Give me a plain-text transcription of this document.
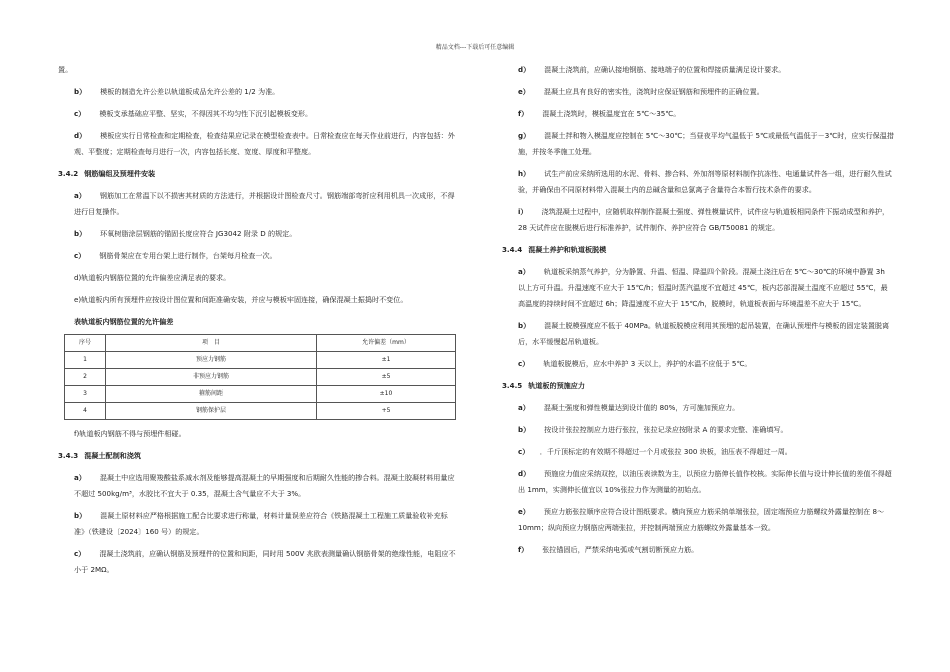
精品文档---下载后可任意编辑

置。

b） 模板的制造允许公差以轨道板成品允许公差的 1/2 为准。

c） 模板支承基础应平整、坚实，不得因其不均匀性下沉引起模板变形。

d） 模板应实行日常检查和定期检查，检查结果应记录在模型检查表中。日常检查应在每天作业前进行，内容包括：外观、平整度；定期检查每月进行一次，内容包括长度、宽度、厚度和平整度。

3.4.2 钢筋编组及预埋件安装

a） 钢筋加工在常温下以不损害其材质的方法进行，并根据设计图检查尺寸。钢筋端部弯折应利用机具一次成形，不得进行目复操作。

b） 环氧树脂涂层钢筋的锚固长度应符合 JG3042 附录 D 的规定。

c） 钢筋骨架应在专用台架上进行制作，台架每月检查一次。

d)轨道板内钢筋位置的允许偏差应满足表的要求。

e)轨道板内所有预埋件应按设计图位置和间距准确安装，并应与模板牢固连接，确保混凝土振捣时不变位。

表轨道板内钢筋位置的允许偏差

序号	项　目	允许偏差（mm）
1	预应力钢筋	±1
2	非预应力钢筋	±5
3	箍筋间距	±10
4	钢筋保护层	+5

f)轨道板内钢筋不得与预埋件相碰。

3.4.3 混凝土配制和浇筑

a） 混凝土中应选用聚羧酸盐系减水剂及能够提高混凝土的早期强度和后期耐久性能的掺合料。混凝土胶凝材料用量应不超过 500kg/m³，水胶比不宜大于 0.35，混凝土含气量应不大于 3%。

b） 混凝土原材料应严格根据施工配合比要求进行称量，材料计量误差应符合《铁路混凝土工程施工质量验收补充标准》（铁建设〔2024〕160 号）的规定。

c） 混凝土浇筑前，应确认钢筋及预埋件的位置和间距，同时用 500V 兆欧表测量确认钢筋骨架的绝缘性能，电阻应不小于 2MΩ。

d） 混凝土浇筑前，应确认接地钢筋、接地端子的位置和焊接质量满足设计要求。

e） 混凝土应具有良好的密实性，浇筑时应保证钢筋和预埋件的正确位置。

f） 混凝土浇筑时，模板温度宜在 5℃～35℃。

g） 混凝土拌和物入模温度应控制在 5℃～30℃；当昼夜平均气温低于 5℃或最低气温低于－3℃时，应实行保温措施，并按冬季施工处理。

h） 试生产前应采纳所选用的水泥、骨料、掺合料、外加剂等原材料制作抗冻性、电通量试件各一组，进行耐久性试验，并确保由不同原材料带入混凝土内的总碱含量和总氯离子含量符合本暂行技术条件的要求。

i） 浇筑混凝土过程中，应随机取样制作混凝土强度、弹性模量试件，试件应与轨道板相同条件下振动成型和养护，28 天试件应在脱模后进行标准养护，试件制作、养护应符合 GB/T50081 的规定。

3.4.4 混凝土养护和轨道板脱模

a） 轨道板采纳蒸气养护，分为静置、升温、恒温、降温四个阶段。混凝土浇注后在 5℃～30℃的环境中静置 3h 以上方可升温。升温速度不应大于 15℃/h；恒温时蒸汽温度不宜超过 45℃，板内芯部混凝土温度不应超过 55℃，最高温度的持续时间不宜超过 6h；降温速度不应大于 15℃/h，脱模时，轨道板表面与环境温差不应大于 15℃。

b） 混凝土脱模强度应不低于 40MPa。轨道板脱模应利用其预埋的起吊装置，在确认预埋件与模板的固定装置脱离后，水平缓慢起吊轨道板。

c） 轨道板脱模后，应水中养护 3 天以上，养护的水温不应低于 5℃。

3.4.5 轨道板的预施应力

a） 混凝土强度和弹性模量达到设计值的 80%，方可施加预应力。

b） 按设计张拉控制应力进行张拉，张拉记录应按附录 A 的要求完整、准确填写。

c） ．千斤顶标定的有效期不得超过一个月或张拉 300 块板，油压表不得超过一周。

d） 预施应力值应采纳双控，以油压表读数为主，以预应力筋伸长值作校核。实际伸长值与设计伸长值的差值不得超出 1mm，实测伸长值宜以 10%张拉力作为测量的初始点。

e） 预应力筋张拉顺序应符合设计图纸要求。横向预应力筋采纳单端张拉，固定端预应力筋螺纹外露量控制在 8～10mm；纵向预应力钢筋应两端张拉，并控制两端预应力筋螺纹外露量基本一致。

f） 张拉锚固后，严禁采纳电弧或气割切断预应力筋。
